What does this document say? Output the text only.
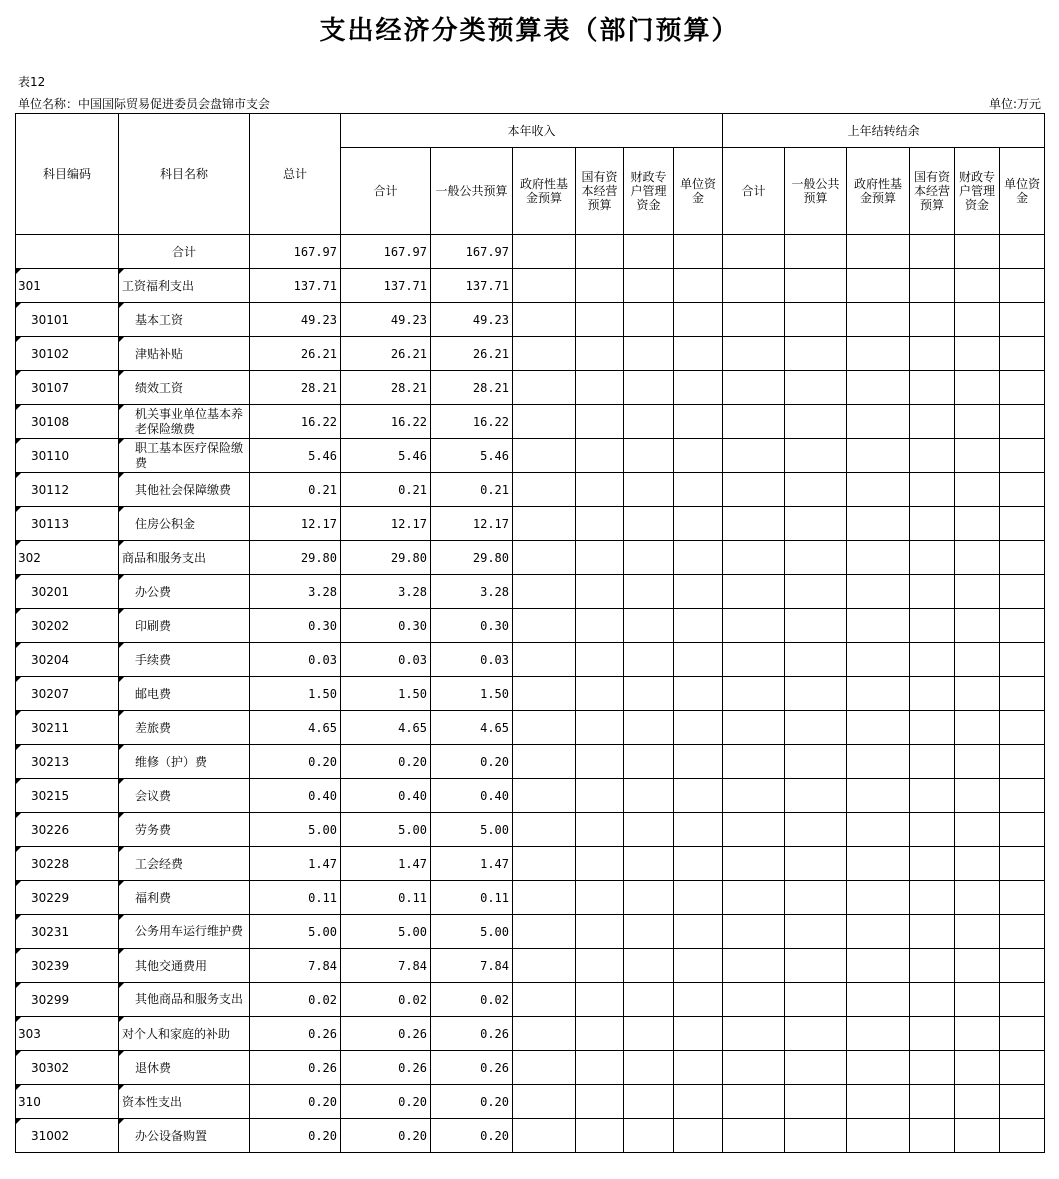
支出经济分类预算表（部门预算）
表12
单位名称：中国国际贸易促进委员会盘锦市支会	单位:万元
科目编码	科目名称	总计	本年收入						上年结转结余					
			合计	一般公共预算	政府性基金预算	国有资本经营预算	财政专户管理资金	单位资金	合计	一般公共预算	政府性基金预算	国有资本经营预算	财政专户管理资金	单位资金
	合计	167.97	167.97	167.97										
301	工资福利支出	137.71	137.71	137.71										
30101	基本工资	49.23	49.23	49.23										
30102	津贴补贴	26.21	26.21	26.21										
30107	绩效工资	28.21	28.21	28.21										
30108	机关事业单位基本养老保险缴费	16.22	16.22	16.22										
30110	职工基本医疗保险缴费	5.46	5.46	5.46										
30112	其他社会保障缴费	0.21	0.21	0.21										
30113	住房公积金	12.17	12.17	12.17										
302	商品和服务支出	29.80	29.80	29.80										
30201	办公费	3.28	3.28	3.28										
30202	印刷费	0.30	0.30	0.30										
30204	手续费	0.03	0.03	0.03										
30207	邮电费	1.50	1.50	1.50										
30211	差旅费	4.65	4.65	4.65										
30213	维修（护）费	0.20	0.20	0.20										
30215	会议费	0.40	0.40	0.40										
30226	劳务费	5.00	5.00	5.00										
30228	工会经费	1.47	1.47	1.47										
30229	福利费	0.11	0.11	0.11										
30231	公务用车运行维护费	5.00	5.00	5.00										
30239	其他交通费用	7.84	7.84	7.84										
30299	其他商品和服务支出	0.02	0.02	0.02										
303	对个人和家庭的补助	0.26	0.26	0.26										
30302	退休费	0.26	0.26	0.26										
310	资本性支出	0.20	0.20	0.20										
31002	办公设备购置	0.20	0.20	0.20										
